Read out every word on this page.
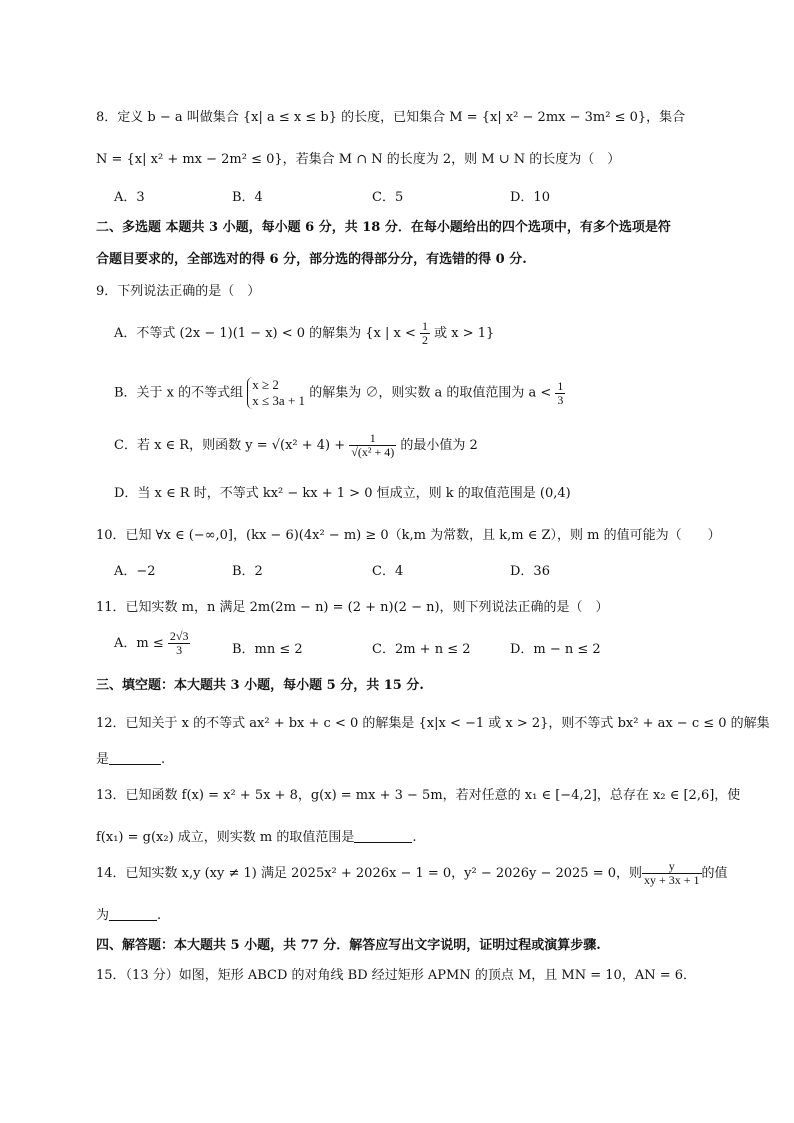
8．定义 b − a 叫做集合 {x| a ≤ x ≤ b} 的长度，已知集合 M = {x| x² − 2mx − 3m² ≤ 0}，集合
N = {x| x² + mx − 2m² ≤ 0}，若集合 M ∩ N 的长度为 2，则 M ∪ N 的长度为（　）
A．3	B．4	C．5	D．10
二、多选题 本题共 3 小题，每小题 6 分，共 18 分．在每小题给出的四个选项中，有多个选项是符
合题目要求的，全部选对的得 6 分，部分选的得部分分，有选错的得 0 分.
9．下列说法正确的是（　）
A．不等式 (2x − 1)(1 − x) < 0 的解集为 {x | $x < \frac{1}{2}$ 或 x > 1}
B．关于 x 的不等式组
x ≥ 2
x ≤ 3a + 1 的解集为 ∅，则实数 a 的取值范围为 $a < \frac{1}{3}$
C．若 x ∈ R，则函数 $y = √(x^2 + 4) + \frac{1}{\text{√(x² + 4)}}$ 的最小值为 2
D．当 x ∈ R 时，不等式 kx² − kx + 1 > 0 恒成立，则 k 的取值范围是 (0,4)
10．已知 ∀x ∈ (−∞,0]，(kx − 6)(4x² − m) ≥ 0（k,m 为常数，且 k,m ∈ Z），则 m 的值可能为（　　）
A．−2	B．2	C．4	D．36
11．已知实数 m，n 满足 2m(2m − n) = (2 + n)(2 − n)，则下列说法正确的是（　）
A．$m \le \frac{2√3}{3}$	B．mn ≤ 2	C．2m + n ≤ 2	D．m − n ≤ 2
三、填空题：本大题共 3 小题，每小题 5 分，共 15 分.
12．已知关于 x 的不等式 ax² + bx + c < 0 的解集是 {x|x < −1 或 x > 2}，则不等式 bx² + ax − c ≤ 0 的解集
是	.
13．已知函数 f(x) = x² + 5x + 8，g(x) = mx + 3 − 5m，若对任意的 x₁ ∈ [−4,2]，总存在 x₂ ∈ [2,6]，使
f(x₁) = g(x₂) 成立，则实数 m 的取值范围是	.
14．已知实数 x,y (xy ≠ 1) 满足 2025x² + 2026x − 1 = 0，y² − 2026y − 2025 = 0，则 $\frac{y}{xy + 3x + 1}$ 的值
为	.
四、解答题：本大题共 5 小题，共 77 分．解答应写出文字说明，证明过程或演算步骤.
15．（13 分）如图，矩形 ABCD 的对角线 BD 经过矩形 APMN 的顶点 M，且 MN = 10，AN = 6．
